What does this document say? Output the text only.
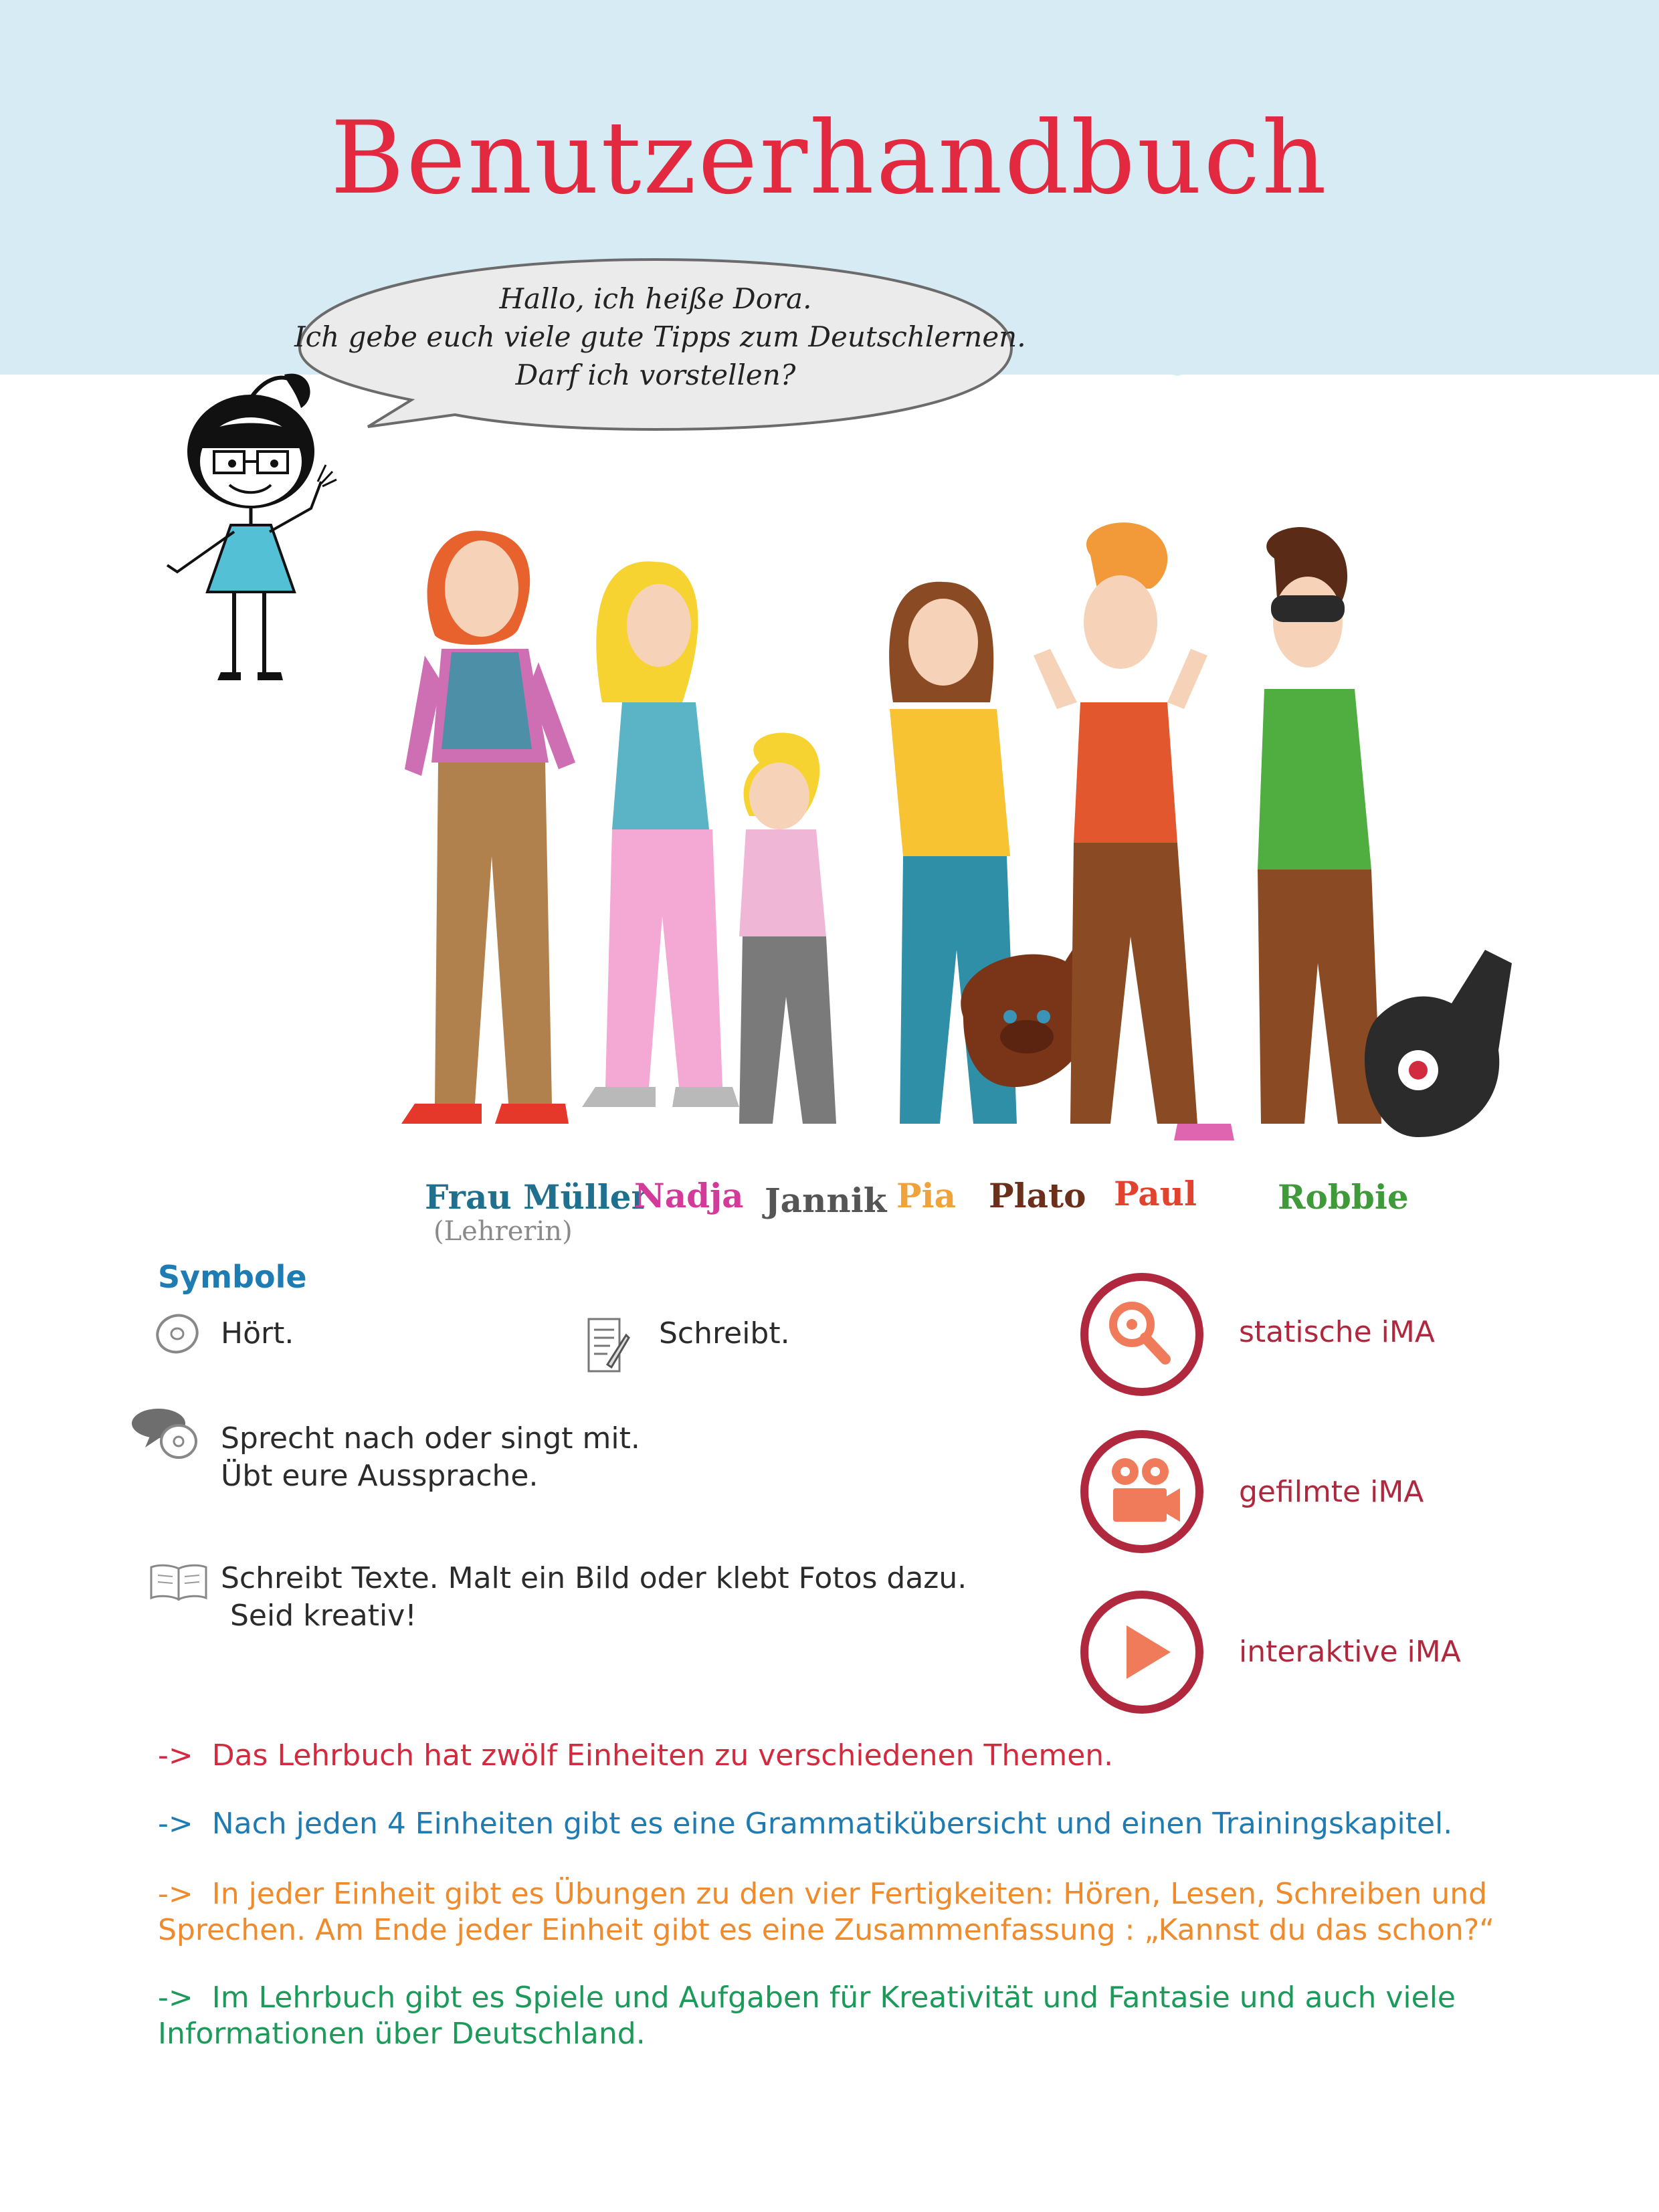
Benutzerhandbuch
Hallo, ich heiße Dora.
Ich gebe euch viele gute Tipps zum Deutschlernen.
Darf ich vorstellen?
Frau Müller
(Lehrerin)
Nadja Jannik Pia Plato Paul Robbie
Symbole
Hört.	Schreibt.
Sprecht nach oder singt mit.
Übt eure Aussprache.
Schreibt Texte. Malt ein Bild oder klebt Fotos dazu.
Seid kreativ!
statische iMA
gefilmte iMA
interaktive iMA
->  Das Lehrbuch hat zwölf Einheiten zu verschiedenen Themen.
->  Nach jeden 4 Einheiten gibt es eine Grammatikübersicht und einen Trainingskapitel.
->  In jeder Einheit gibt es Übungen zu den vier Fertigkeiten: Hören, Lesen, Schreiben und
Sprechen. Am Ende jeder Einheit gibt es eine Zusammenfassung : „Kannst du das schon?“
->  Im Lehrbuch gibt es Spiele und Aufgaben für Kreativität und Fantasie und auch viele
Informationen über Deutschland.
